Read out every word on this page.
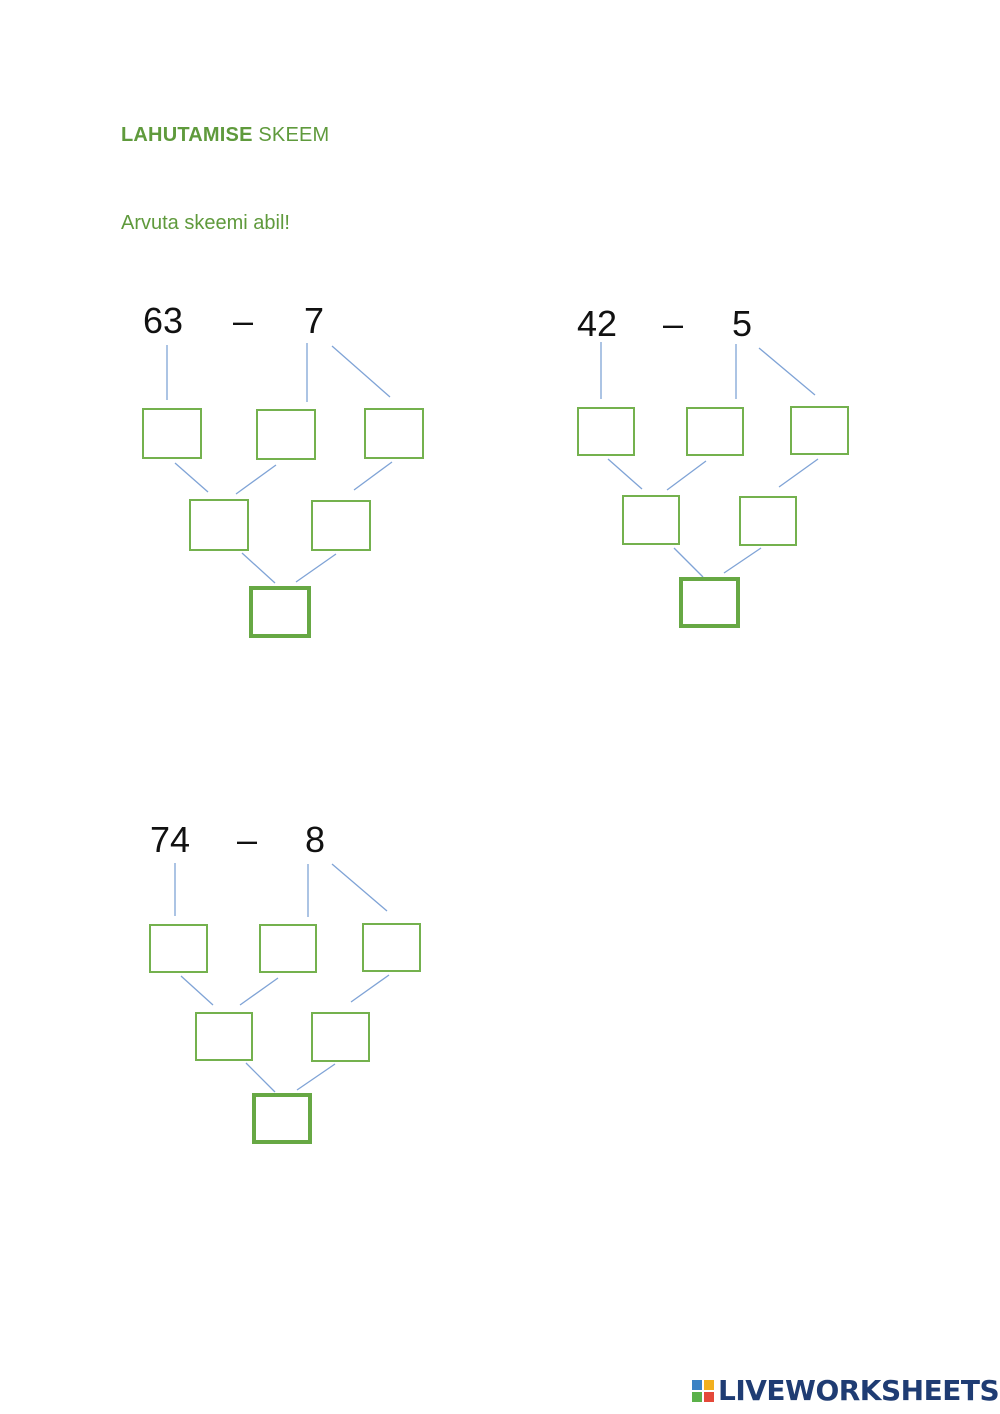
LAHUTAMISE SKEEM
Arvuta skeemi abil!
63 – 7	42 – 5
74 – 8
LIVEWORKSHEETS
